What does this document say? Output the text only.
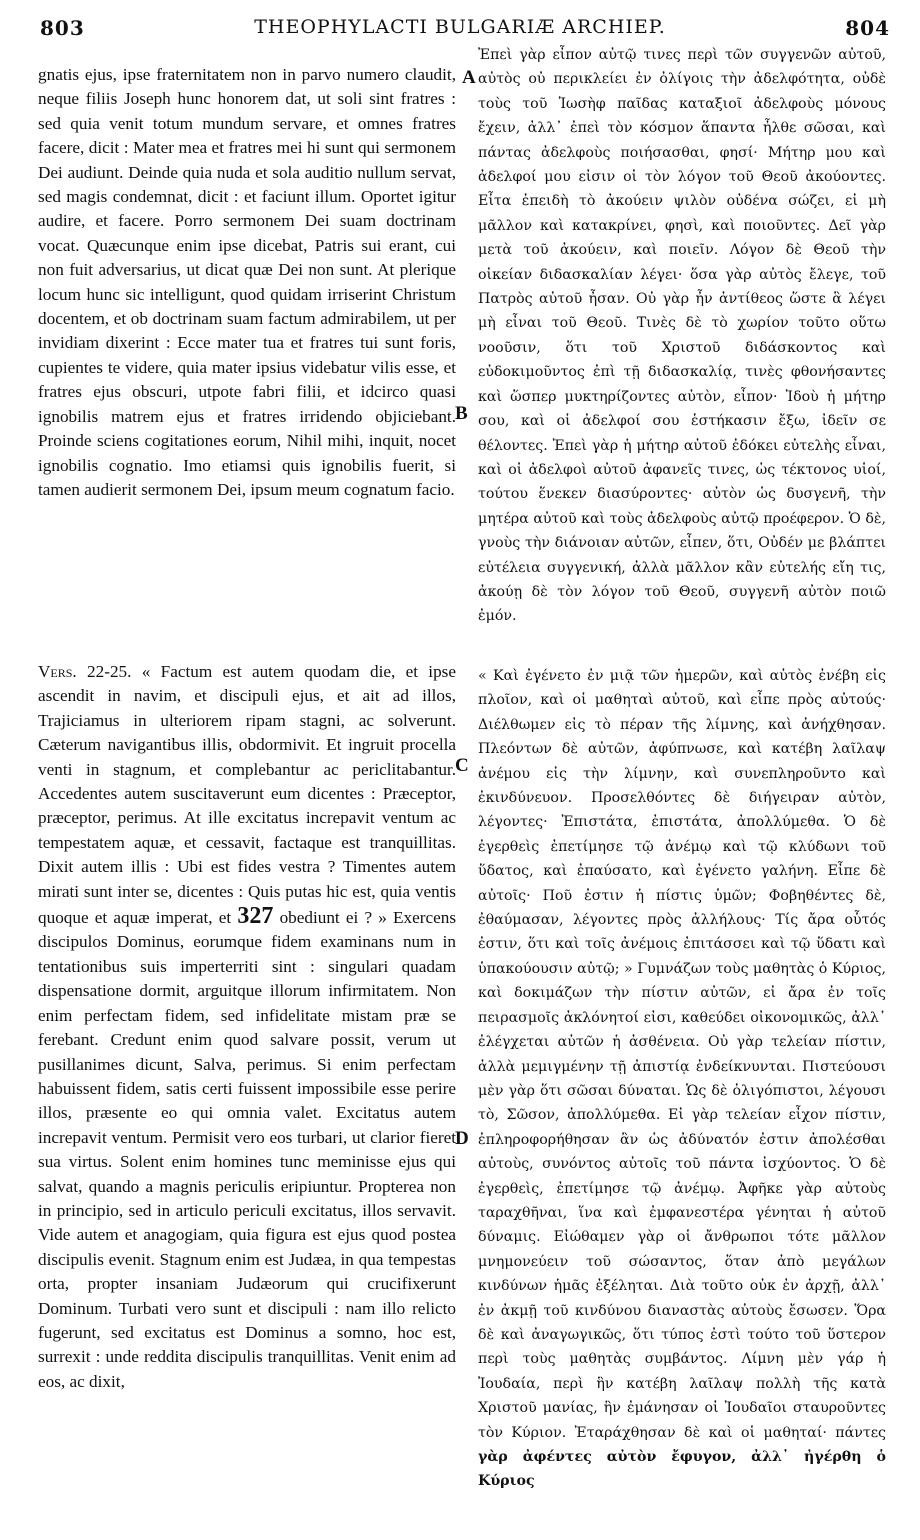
803	THEOPHYLACTI BULGARIÆ ARCHIEP.	804

gnatis ejus, ipse fraternitatem non in parvo numero claudit, neque filiis Joseph hunc honorem dat, ut soli sint fratres : sed quia venit totum mundum servare, et omnes fratres facere, dicit : Mater mea et fratres mei hi sunt qui sermonem Dei audiunt. Deinde quia nuda et sola auditio nullum servat, sed magis condemnat, dicit : et faciunt illum. Oportet igitur audire, et facere. Porro sermonem Dei suam doctrinam vocat. Quæcunque enim ipse dicebat, Patris sui erant, cui non fuit adversarius, ut dicat quæ Dei non sunt. At plerique locum hunc sic intelligunt, quod quidam irriserint Christum docentem, et ob doctrinam suam factum admirabilem, ut per invidiam dixerint : Ecce mater tua et fratres tui sunt foris, cupientes te videre, quia mater ipsius videbatur vilis esse, et fratres ejus obscuri, utpote fabri filii, et idcirco quasi ignobilis matrem ejus et fratres irridendo objiciebant. Proinde sciens cogitationes eorum, Nihil mihi, inquit, nocet ignobilis cognatio. Imo etiamsi quis ignobilis fuerit, si tamen audierit sermonem Dei, ipsum meum cognatum facio.

Vers. 22-25. « Factum est autem quodam die, et ipse ascendit in navim, et discipuli ejus, et ait ad illos, Trajiciamus in ulteriorem ripam stagni, ac solverunt. Cæterum navigantibus illis, obdormivit. Et ingruit procella venti in stagnum, et complebantur ac periclitabantur. Accedentes autem suscitaverunt eum dicentes : Præceptor, præceptor, perimus. At ille excitatus increpavit ventum ac tempestatem aquæ, et cessavit, factaque est tranquillitas. Dixit autem illis : Ubi est fides vestra ? Timentes autem mirati sunt inter se, dicentes : Quis putas hic est, quia ventis quoque et aquæ imperat, et 327 obediunt ei ? » Exercens discipulos Dominus, eorumque fidem examinans num in tentationibus suis imperterriti sint : singulari quadam dispensatione dormit, arguitque illorum infirmitatem. Non enim perfectam fidem, sed infidelitate mistam præ se ferebant. Credunt enim quod salvare possit, verum ut pusillanimes dicunt, Salva, perimus. Si enim perfectam habuissent fidem, satis certi fuissent impossibile esse perire illos, præsente eo qui omnia valet. Excitatus autem increpavit ventum. Permisit vero eos turbari, ut clarior fieret sua virtus. Solent enim homines tunc meminisse ejus qui salvat, quando a magnis periculis eripiuntur. Propterea non in principio, sed in articulo periculi excitatus, illos servavit. Vide autem et anagogiam, quia figura est ejus quod postea discipulis evenit. Stagnum enim est Judæa, in qua tempestas orta, propter insaniam Judæorum qui crucifixerunt Dominum. Turbati vero sunt et discipuli : nam illo relicto fugerunt, sed excitatus est Dominus a somno, hoc est, surrexit : unde reddita discipulis tranquillitas. Venit enim ad eos, ac dixit,

Ἐπεὶ γὰρ εἶπον αὐτῷ τινες περὶ τῶν συγγενῶν αὐτοῦ, αὐτὸς οὐ περικλείει ἐν ὀλίγοις τὴν ἀδελφότητα, οὐδὲ τοὺς τοῦ Ἰωσὴφ παῖδας καταξιοῖ ἀδελφοὺς μόνους ἔχειν, ἀλλ᾽ ἐπεὶ τὸν κόσμον ἅπαντα ἦλθε σῶσαι, καὶ πάντας ἀδελφοὺς ποιήσασθαι, φησί· Μήτηρ μου καὶ ἀδελφοί μου εἰσιν οἱ τὸν λόγον τοῦ Θεοῦ ἀκούοντες. Εἶτα ἐπειδὴ τὸ ἀκούειν ψιλὸν οὐδένα σώζει, εἰ μὴ μᾶλλον καὶ κατακρίνει, φησὶ, καὶ ποιοῦντες. Δεῖ γὰρ μετὰ τοῦ ἀκούειν, καὶ ποιεῖν. Λόγον δὲ Θεοῦ τὴν οἰκείαν διδασκαλίαν λέγει· ὅσα γὰρ αὐτὸς ἔλεγε, τοῦ Πατρὸς αὐτοῦ ἦσαν. Οὐ γὰρ ἦν ἀντίθεος ὥστε ἃ λέγει μὴ εἶναι τοῦ Θεοῦ. Τινὲς δὲ τὸ χωρίον τοῦτο οὕτω νοοῦσιν, ὅτι τοῦ Χριστοῦ διδάσκοντος καὶ εὐδοκιμοῦντος ἐπὶ τῇ διδασκαλίᾳ, τινὲς φθονήσαντες καὶ ὥσπερ μυκτηρίζοντες αὐτὸν, εἶπον· Ἰδοὺ ἡ μήτηρ σου, καὶ οἱ ἀδελφοί σου ἑστήκασιν ἔξω, ἰδεῖν σε θέλοντες. Ἐπεὶ γὰρ ἡ μήτηρ αὐτοῦ ἐδόκει εὐτελὴς εἶναι, καὶ οἱ ἀδελφοὶ αὐτοῦ ἀφανεῖς τινες, ὡς τέκτονος υἱοί, τούτου ἕνεκεν διασύροντες· αὐτὸν ὡς δυσγενῆ, τὴν μητέρα αὐτοῦ καὶ τοὺς ἀδελφοὺς αὐτῷ προέφερον. Ὁ δὲ, γνοὺς τὴν διάνοιαν αὐτῶν, εἶπεν, ὅτι, Οὐδέν με βλάπτει εὐτέλεια συγγενική, ἀλλὰ μᾶλλον κἂν εὐτελής εἴη τις, ἀκούῃ δὲ τὸν λόγον τοῦ Θεοῦ, συγγενῆ αὐτὸν ποιῶ ἐμόν.

« Καὶ ἐγένετο ἐν μιᾷ τῶν ἡμερῶν, καὶ αὐτὸς ἐνέβη εἰς πλοῖον, καὶ οἱ μαθηταὶ αὐτοῦ, καὶ εἶπε πρὸς αὐτούς· Διέλθωμεν εἰς τὸ πέραν τῆς λίμνης, καὶ ἀνήχθησαν. Πλεόντων δὲ αὐτῶν, ἀφύπνωσε, καὶ κατέβη λαῖλαψ ἀνέμου εἰς τὴν λίμνην, καὶ συνεπληροῦντο καὶ ἐκινδύνευον. Προσελθόντες δὲ διήγειραν αὐτὸν, λέγοντες· Ἐπιστάτα, ἐπιστάτα, ἀπολλύμεθα. Ὁ δὲ ἐγερθεὶς ἐπετίμησε τῷ ἀνέμῳ καὶ τῷ κλύδωνι τοῦ ὕδατος, καὶ ἐπαύσατο, καὶ ἐγένετο γαλήνη. Εἶπε δὲ αὐτοῖς· Ποῦ ἐστιν ἡ πίστις ὑμῶν; Φοβηθέντες δὲ, ἐθαύμασαν, λέγοντες πρὸς ἀλλήλους· Τίς ἄρα οὗτός ἐστιν, ὅτι καὶ τοῖς ἀνέμοις ἐπιτάσσει καὶ τῷ ὕδατι καὶ ὑπακούουσιν αὐτῷ; » Γυμνάζων τοὺς μαθητὰς ὁ Κύριος, καὶ δοκιμάζων τὴν πίστιν αὐτῶν, εἰ ἄρα ἐν τοῖς πειρασμοῖς ἀκλόνητοί εἰσι, καθεύδει οἰκονομικῶς, ἀλλ᾽ ἐλέγχεται αὐτῶν ἡ ἀσθένεια. Οὐ γὰρ τελείαν πίστιν, ἀλλὰ μεμιγμένην τῇ ἀπιστίᾳ ἐνδείκνυνται. Πιστεύουσι μὲν γὰρ ὅτι σῶσαι δύναται. Ὡς δὲ ὀλιγόπιστοι, λέγουσι τὸ, Σῶσον, ἀπολλύμεθα. Εἰ γὰρ τελείαν εἶχον πίστιν, ἐπληροφορήθησαν ἂν ὡς ἀδύνατόν ἐστιν ἀπολέσθαι αὐτοὺς, συνόντος αὐτοῖς τοῦ πάντα ἰσχύοντος. Ὁ δὲ ἐγερθεὶς, ἐπετίμησε τῷ ἀνέμῳ. Ἀφῆκε γὰρ αὐτοὺς ταραχθῆναι, ἵνα καὶ ἐμφανεστέρα γένηται ἡ αὐτοῦ δύναμις. Εἰώθαμεν γὰρ οἱ ἄνθρωποι τότε μᾶλλον μνημονεύειν τοῦ σώσαντος, ὅταν ἀπὸ μεγάλων κινδύνων ἡμᾶς ἐξέληται. Διὰ τοῦτο οὐκ ἐν ἀρχῇ, ἀλλ᾽ ἐν ἀκμῇ τοῦ κινδύνου διαναστὰς αὐτοὺς ἔσωσεν. Ὅρα δὲ καὶ ἀναγωγικῶς, ὅτι τύπος ἐστὶ τούτο τοῦ ὕστερον περὶ τοὺς μαθητὰς συμβάντος. Λίμνη μὲν γάρ ἡ Ἰουδαία, περὶ ἣν κατέβη λαῖλαψ πολλὴ τῆς κατὰ Χριστοῦ μανίας, ἣν ἐμάνησαν οἱ Ἰουδαῖοι σταυροῦντες τὸν Κύριον. Ἐταράχθησαν δὲ καὶ οἱ μαθηταί· πάντες γὰρ ἀφέντες αὐτὸν ἔφυγον, ἀλλ᾽ ἠγέρθη ὁ Κύριος

A
B
C
D
